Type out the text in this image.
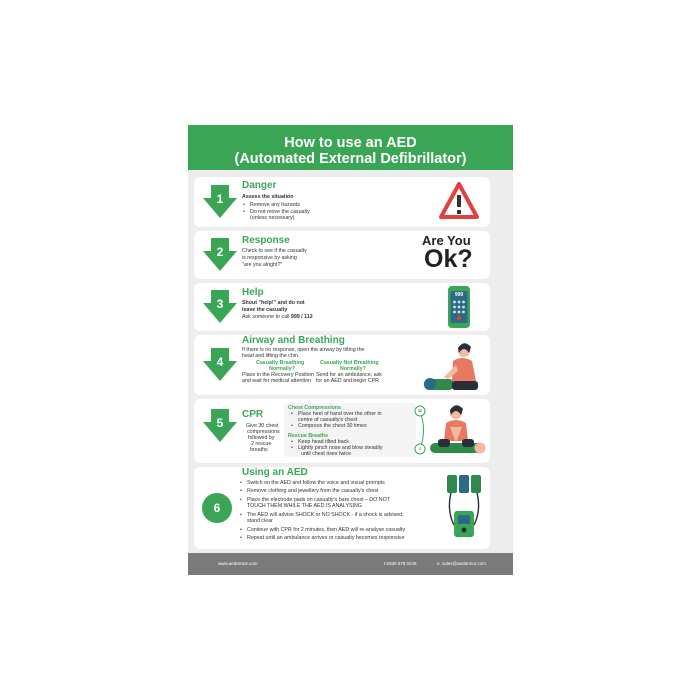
How to use an AED
(Automated External Defibrillator)
1
Danger
Assess the situation
• Remove any hazards
• Do not move the casualty
(unless necessary)
2
Response
Check to see if the casualty
is responsive by asking
"are you alright?"
Are You
Ok?
3
Help
Shout "help!" and do not
leave the casualty
Ask someone to call 999 / 112
999
4
Airway and Breathing
If there is no response, open the airway by tilting the
head and lifting the chin.
Casualty Breathing
Normally?
Place in the Recovery Position
and wait for medical attention
Casualty Not Breathing
Normally?
Send for an ambulance, ask
for an AED and begin CPR
5
CPR
Give 30 chest
compressions
followed by
2 rescue
breaths
Chest Compressions
• Place heel of hand over the other in
centre of casualty's chest
• Compress the chest 30 times
Rescue Breaths
• Keep head tilted back
• Lightly pinch nose and blow steadily
until chest rises twice
30
2
6
Using an AED
• Switch on the AED and follow the voice and visual prompts
• Remove clothing and jewellery from the casualty's chest
• Place the electrode pads on casualty's bare chest – DO NOT
TOUCH THEM WHILE THE AED IS ANALYSING
• The AED will advise SHOCK or NO SHOCK - if a shock is advised,
stand clear
• Continue with CPR for 2 minutes, then AED will re-analyse casualty
• Repeat until an ambulance arrives or casualty becomes responsive
www.aedarmor.com	t.0330 678 0246	e. sales@aedarmor.com
